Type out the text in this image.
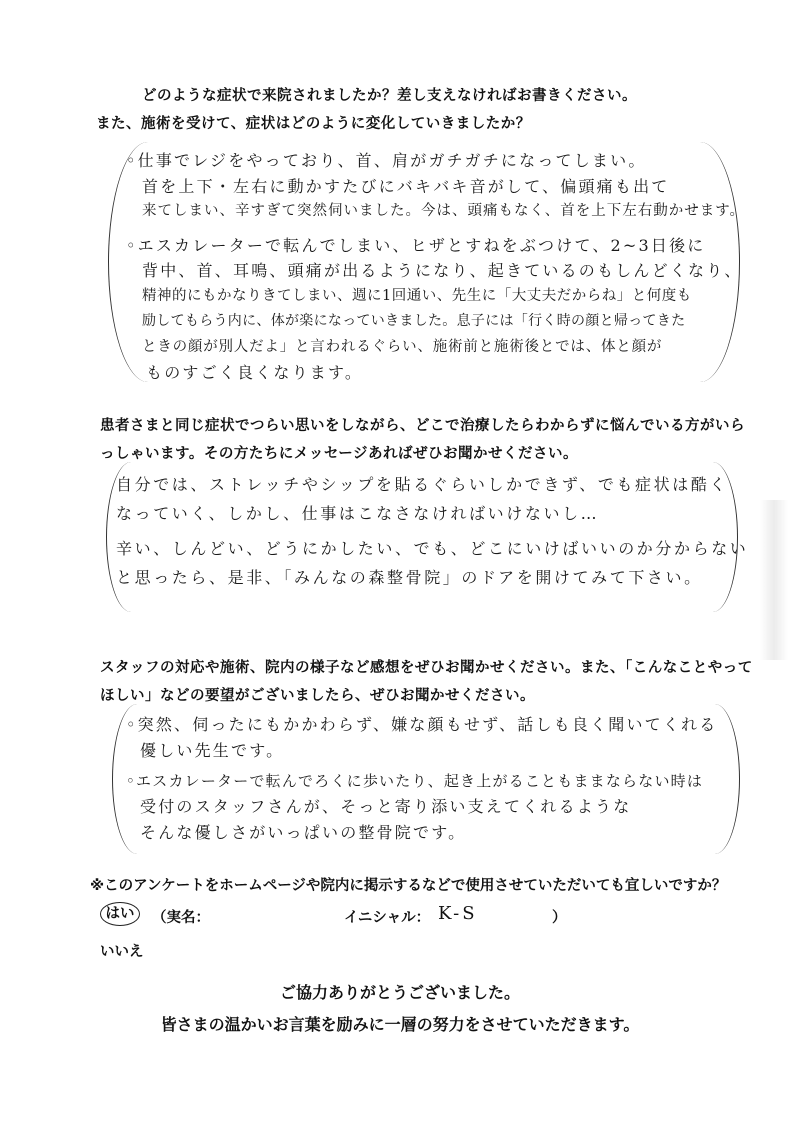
どのような症状で来院されましたか？差し支えなければお書きください。
また、施術を受けて、症状はどのように変化していきましたか？
◦仕事でレジをやっており、首、肩がガチガチになってしまい。
首を上下・左右に動かすたびにバキバキ音がして、偏頭痛も出て
来てしまい、辛すぎて突然伺いました。今は、頭痛もなく、首を上下左右動かせます。
◦エスカレーターで転んでしまい、ヒザとすねをぶつけて、2~3日後に
背中、首、耳鳴、頭痛が出るようになり、起きているのもしんどくなり、
精神的にもかなりきてしまい、週に1回通い、先生に「大丈夫だからね」と何度も
励してもらう内に、体が楽になっていきました。息子には「行く時の顔と帰ってきた
ときの顔が別人だよ」と言われるぐらい、施術前と施術後とでは、体と顔が
ものすごく良くなります。
患者さまと同じ症状でつらい思いをしながら、どこで治療したらわからずに悩んでいる方がいら
っしゃいます。その方たちにメッセージあればぜひお聞かせください。
自分では、ストレッチやシップを貼るぐらいしかできず、でも症状は酷く
なっていく、しかし、仕事はこなさなければいけないし…
辛い、しんどい、どうにかしたい、でも、どこにいけばいいのか分からない
と思ったら、是非、「みんなの森整骨院」のドアを開けてみて下さい。
スタッフの対応や施術、院内の様子など感想をぜひお聞かせください。また、「こんなことやって
ほしい」などの要望がございましたら、ぜひお聞かせください。
◦突然、伺ったにもかかわらず、嫌な顔もせず、話しも良く聞いてくれる
優しい先生です。
◦エスカレーターで転んでろくに歩いたり、起き上がることもままならない時は
受付のスタッフさんが、そっと寄り添い支えてくれるような
そんな優しさがいっぱいの整骨院です。
※このアンケートをホームページや院内に掲示するなどで使用させていただいても宜しいですか？
はい	（実名：	イニシャル： K-S	）
いいえ
ご協力ありがとうございました。
皆さまの温かいお言葉を励みに一層の努力をさせていただきます。
